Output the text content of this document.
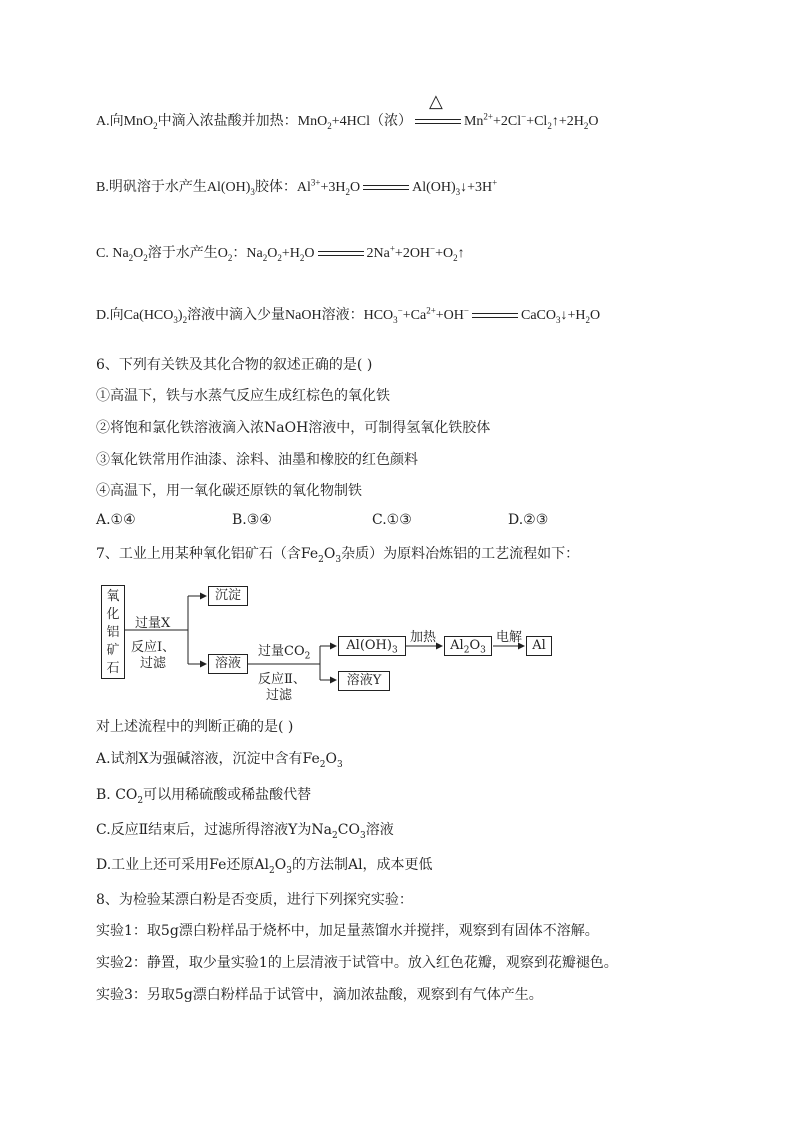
A.向MnO$_2$中滴入浓盐酸并加热：MnO$_2$+4HCl（浓）
△
$Mn^{2+}+2Cl^-+Cl_2↑+2H_2O$
B.明矾溶于水产生$Al(OH)_3$胶体：$Al^{3+}+3H_2O$	$Al(OH)_3↓+3H^+$
C. $Na_2O_2$溶于水产生$O_2$：$Na_2O_2+H_2O$	$2Na^++2OH^-+O_2↑$
D.向$Ca(HCO_3)_2$溶液中滴入少量NaOH溶液：$HCO_3^-+Ca^{2+}+OH^-$	$CaCO_3↓+H_2O$
6、下列有关铁及其化合物的叙述正确的是( )
①高温下，铁与水蒸气反应生成红棕色的氧化铁
②将饱和氯化铁溶液滴入浓NaOH溶液中，可制得氢氧化铁胶体
③氧化铁常用作油漆、涂料、油墨和橡胶的红色颜料
④高温下，用一氧化碳还原铁的氧化物制铁
A.①④	B.③④	C.①③	D.②③
7、工业上用某种氧化铝矿石（含$Fe_2O_3$杂质）为原料冶炼铝的工艺流程如下：
氧化铝矿石
过量X
反应Ⅰ、
过滤
沉淀
溶液
过量$CO_2$
反应Ⅱ、
过滤
$Al(OH)_3$
加热
$Al_2O_3$
电解
Al
溶液Y
对上述流程中的判断正确的是( )
A.试剂X为强碱溶液，沉淀中含有$Fe_2O_3$
B. $CO_2$可以用稀硫酸或稀盐酸代替
C.反应Ⅱ结束后，过滤所得溶液Y为$Na_2CO_3$溶液
D.工业上还可采用Fe还原$Al_2O_3$的方法制Al，成本更低
8、为检验某漂白粉是否变质，进行下列探究实验：
实验1：取5g漂白粉样品于烧杯中，加足量蒸馏水并搅拌，观察到有固体不溶解。
实验2：静置，取少量实验1的上层清液于试管中。放入红色花瓣，观察到花瓣褪色。
实验3：另取5g漂白粉样品于试管中，滴加浓盐酸，观察到有气体产生。
